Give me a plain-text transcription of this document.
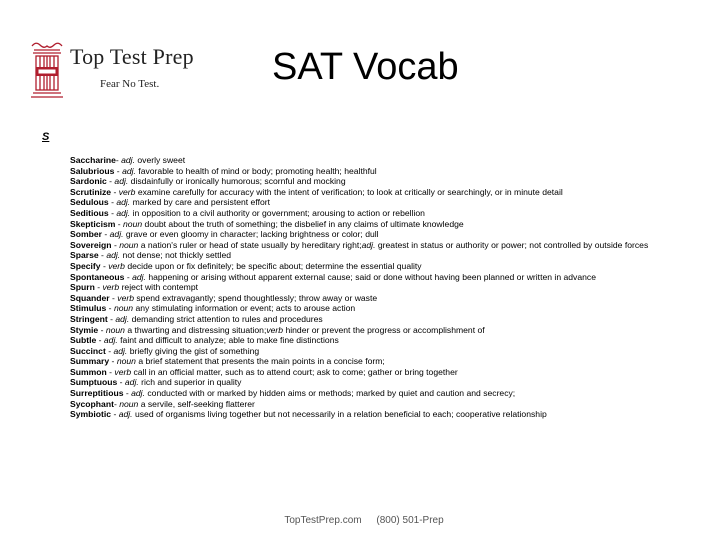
Top Test Prep
Fear No Test.	SAT Vocab
S
Saccharine- adj. overly sweet
Salubrious - adj. favorable to health of mind or body; promoting health; healthful
Sardonic - adj. disdainfully or ironically humorous; scornful and mocking
Scrutinize - verb examine carefully for accuracy with the intent of verification; to look at critically or searchingly, or in minute detail
Sedulous - adj. marked by care and persistent effort
Seditious - adj. in opposition to a civil authority or government; arousing to action or rebellion
Skepticism - noun doubt about the truth of something; the disbelief in any claims of ultimate knowledge
Somber - adj. grave or even gloomy in character; lacking brightness or color; dull
Sovereign - noun a nation's ruler or head of state usually by hereditary right;adj. greatest in status or authority or power; not controlled by outside forces
Sparse - adj. not dense; not thickly settled
Specify - verb decide upon or fix definitely; be specific about; determine the essential quality
Spontaneous - adj. happening or arising without apparent external cause; said or done without having been planned or written in advance
Spurn - verb reject with contempt
Squander - verb spend extravagantly; spend thoughtlessly; throw away or waste
Stimulus - noun any stimulating information or event; acts to arouse action
Stringent - adj. demanding strict attention to rules and procedures
Stymie - noun a thwarting and distressing situation;verb hinder or prevent the progress or accomplishment of
Subtle - adj. faint and difficult to analyze; able to make fine distinctions
Succinct - adj. briefly giving the gist of something
Summary - noun a brief statement that presents the main points in a concise form;
Summon - verb call in an official matter, such as to attend court; ask to come; gather or bring together
Sumptuous - adj. rich and superior in quality
Surreptitious - adj. conducted with or marked by hidden aims or methods; marked by quiet and caution and secrecy;
Sycophant- noun a servile, self-seeking flatterer
Symbiotic - adj. used of organisms living together but not necessarily in a relation beneficial to each; cooperative relationship
TopTestPrep.com (800) 501-Prep
